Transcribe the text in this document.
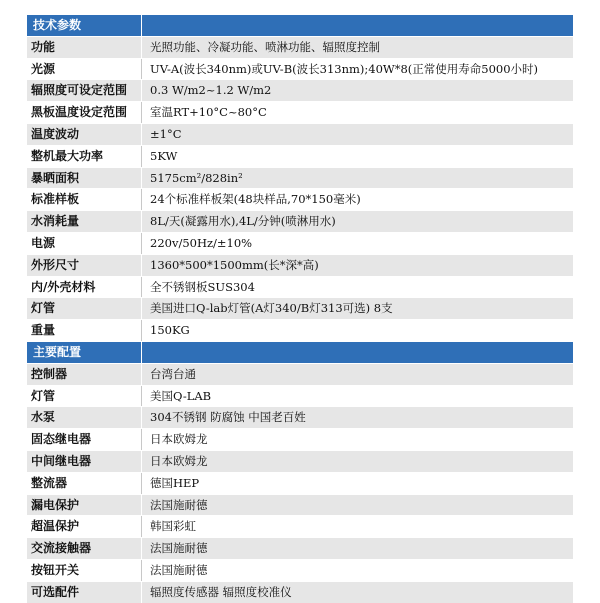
技术参数
功能	光照功能、冷凝功能、喷淋功能、辐照度控制
光源	UV-A(波长340nm)或UV-B(波长313nm);40W*8(正常使用寿命5000小时)
辐照度可设定范围	0.3 W/m2~1.2 W/m2
黑板温度设定范围	室温RT+10°C~80°C
温度波动	±1°C
整机最大功率	5KW
暴晒面积	5175cm²/828in²
标准样板	24个标准样板架(48块样品,70*150毫米)
水消耗量	8L/天(凝露用水),4L/分钟(喷淋用水)
电源	220v/50Hz/±10%
外形尺寸	1360*500*1500mm(长*深*高)
内/外壳材料	全不锈钢板SUS304
灯管	美国进口Q-lab灯管(A灯340/B灯313可选) 8支
重量	150KG
主要配置
控制器	台湾台通
灯管	美国Q-LAB
水泵	304不锈钢 防腐蚀 中国老百姓
固态继电器	日本欧姆龙
中间继电器	日本欧姆龙
整流器	德国HEP
漏电保护	法国施耐德
超温保护	韩国彩虹
交流接触器	法国施耐德
按钮开关	法国施耐德
可选配件	辐照度传感器 辐照度校准仪
